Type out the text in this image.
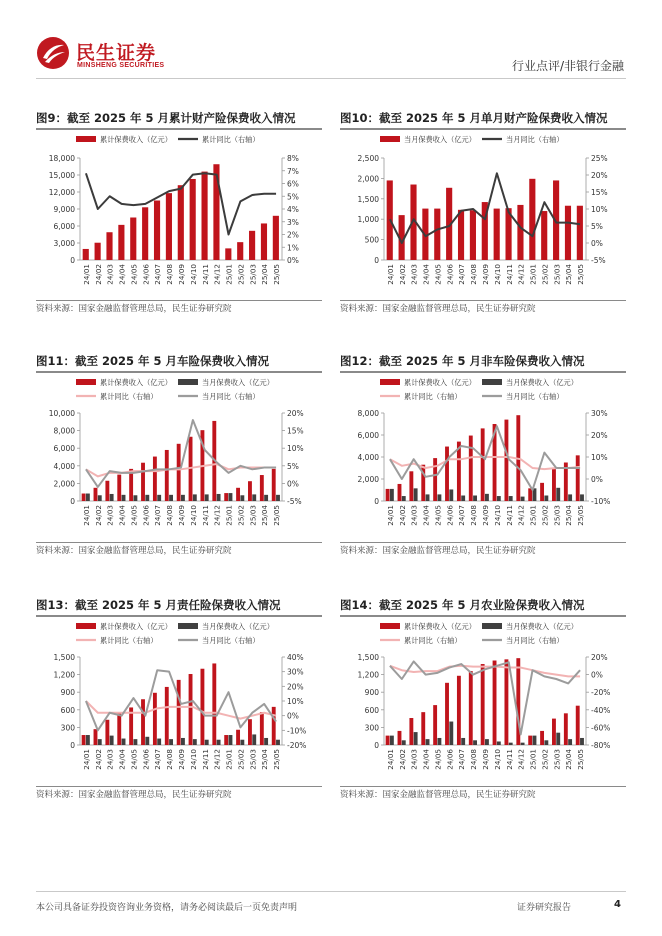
民生证券
MINSHENG SECURITIES	行业点评/非银行金融
图9：截至 2025 年 5 月累计财产险保费收入情况
累计保费收入（亿元）	累计同比（右轴）
0
3,000
6,000
9,000
12,000
15,000
18,000
0%
1%
2%
3%
4%
5%
6%
7%
8%
24/01 24/02 24/03 24/04 24/05 24/06 24/07 24/08 24/09 24/10 24/11 24/12 25/01 25/02 25/03 25/04 25/05
资料来源：国家金融监督管理总局，民生证券研究院
图10：截至 2025 年 5 月单月财产险保费收入情况
当月保费收入（亿元）	当月同比（右轴）
0
500
1,000
1,500
2,000
2,500
-5%
0%
5%
10%
15%
20%
25%
24/01 24/02 24/03 24/04 24/05 24/06 24/07 24/08 24/09 24/10 24/11 24/12 25/01 25/02 25/03 25/04 25/05
资料来源：国家金融监督管理总局，民生证券研究院
图11：截至 2025 年 5 月车险保费收入情况
累计保费收入（亿元）	当月保费收入（亿元）
累计同比（右轴）	当月同比（右轴）
0
2,000
4,000
6,000
8,000
10,000
-5%
0%
5%
10%
15%
20%
24/01 24/02 24/03 24/04 24/05 24/06 24/07 24/08 24/09 24/10 24/11 24/12 25/01 25/02 25/03 25/04 25/05
资料来源：国家金融监督管理总局，民生证券研究院
图12：截至 2025 年 5 月非车险保费收入情况
累计保费收入（亿元）	当月保费收入（亿元）
累计同比（右轴）	当月同比（右轴）
0
2,000
4,000
6,000
8,000
-10%
0%
10%
20%
30%
24/01 24/02 24/03 24/04 24/05 24/06 24/07 24/08 24/09 24/10 24/11 24/12 25/01 25/02 25/03 25/04 25/05
资料来源：国家金融监督管理总局，民生证券研究院
图13：截至 2025 年 5 月责任险保费收入情况
累计保费收入（亿元）	当月保费收入（亿元）
累计同比（右轴）	当月同比（右轴）
0
300
600
900
1,200
1,500
-20%
-10%
0%
10%
20%
30%
40%
24/01 24/02 24/03 24/04 24/05 24/06 24/07 24/08 24/09 24/10 24/11 24/12 25/01 25/02 25/03 25/04 25/05
资料来源：国家金融监督管理总局，民生证券研究院
图14：截至 2025 年 5 月农业险保费收入情况
累计保费收入（亿元）	当月保费收入（亿元）
累计同比（右轴）	当月同比（右轴）
0
300
600
900
1,200
1,500
-80%
-60%
-40%
-20%
0%
20%
24/01 24/02 24/03 24/04 24/05 24/06 24/07 24/08 24/09 24/10 24/11 24/12 25/01 25/02 25/03 25/04 25/05
资料来源：国家金融监督管理总局，民生证券研究院
本公司具备证券投资咨询业务资格，请务必阅读最后一页免责声明	证券研究报告	4
